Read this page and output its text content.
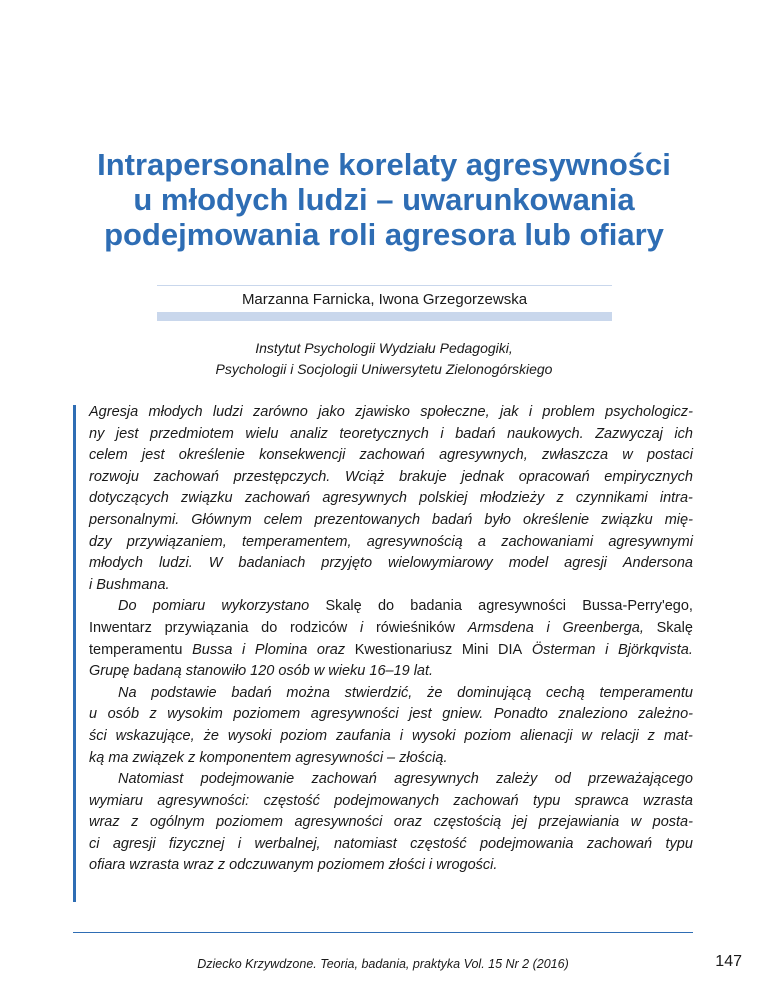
Intrapersonalne korelaty agresywności
u młodych ludzi – uwarunkowania
podejmowania roli agresora lub ofiary
Marzanna Farnicka, Iwona Grzegorzewska
Instytut Psychologii Wydziału Pedagogiki,
Psychologii i Socjologii Uniwersytetu Zielonogórskiego
Agresja młodych ludzi zarówno jako zjawisko społeczne, jak i problem psychologicz-
ny jest przedmiotem wielu analiz teoretycznych i badań naukowych. Zazwyczaj ich
celem jest określenie konsekwencji zachowań agresywnych, zwłaszcza w postaci
rozwoju zachowań przestępczych. Wciąż brakuje jednak opracowań empirycznych
dotyczących związku zachowań agresywnych polskiej młodzieży z czynnikami intra-
personalnymi. Głównym celem prezentowanych badań było określenie związku mię-
dzy przywiązaniem, temperamentem, agresywnością a zachowaniami agresywnymi
młodych ludzi. W badaniach przyjęto wielowymiarowy model agresji Andersona
i Bushmana.
Do pomiaru wykorzystano Skalę do badania agresywności Bussa-Perry'ego,
Inwentarz przywiązania do rodziców i rówieśników Armsdena i Greenberga, Skalę
temperamentu Bussa i Plomina oraz Kwestionariusz Mini DIA Österman i Björkqvista.
Grupę badaną stanowiło 120 osób w wieku 16–19 lat.
Na podstawie badań można stwierdzić, że dominującą cechą temperamentu
u osób z wysokim poziomem agresywności jest gniew. Ponadto znaleziono zależno-
ści wskazujące, że wysoki poziom zaufania i wysoki poziom alienacji w relacji z mat-
ką ma związek z komponentem agresywności – złością.
Natomiast podejmowanie zachowań agresywnych zależy od przeważającego
wymiaru agresywności: częstość podejmowanych zachowań typu sprawca wzrasta
wraz z ogólnym poziomem agresywności oraz częstością jej przejawiania w posta-
ci agresji fizycznej i werbalnej, natomiast częstość podejmowania zachowań typu
ofiara wzrasta wraz z odczuwanym poziomem złości i wrogości.
Dziecko Krzywdzone. Teoria, badania, praktyka Vol. 15 Nr 2 (2016)	147
